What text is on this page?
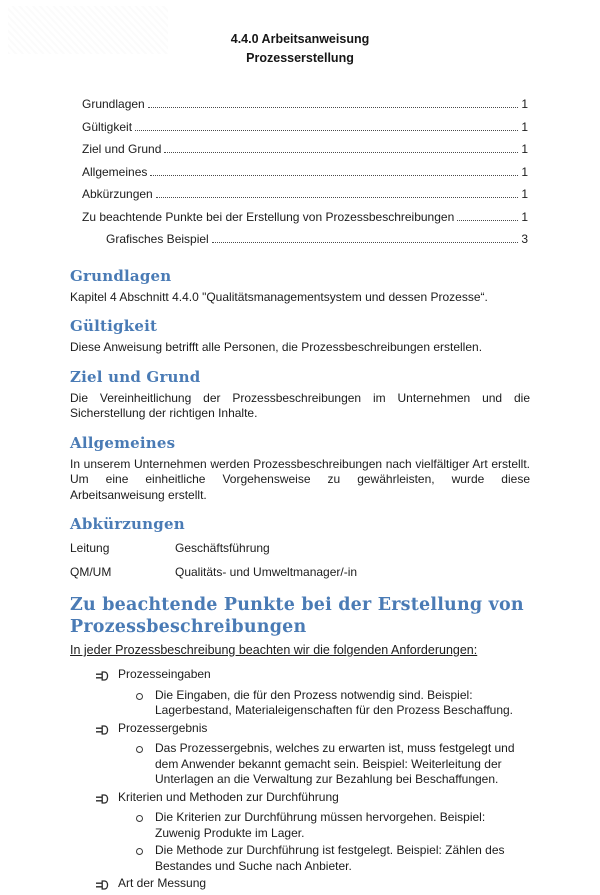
4.4.0 Arbeitsanweisung
Prozesserstellung
Grundlagen	1
Gültigkeit	1
Ziel und Grund	1
Allgemeines	1
Abkürzungen	1
Zu beachtende Punkte bei der Erstellung von Prozessbeschreibungen	1
Grafisches Beispiel	3
Grundlagen

Kapitel 4 Abschnitt 4.4.0 "Qualitätsmanagementsystem und dessen Prozesse“.

Gültigkeit

Diese Anweisung betrifft alle Personen, die Prozessbeschreibungen erstellen.

Ziel und Grund

Die Vereinheitlichung der Prozessbeschreibungen im Unternehmen und die Sicherstellung der richtigen Inhalte.

Allgemeines

In unserem Unternehmen werden Prozessbeschreibungen nach vielfältiger Art erstellt. Um eine einheitliche Vorgehensweise zu gewährleisten, wurde diese Arbeitsanweisung erstellt.

Abkürzungen
Leitung	Geschäftsführung
QM/UM	Qualitäts- und Umweltmanager/-in
Zu beachtende Punkte bei der Erstellung von Prozessbeschreibungen

In jeder Prozessbeschreibung beachten wir die folgenden Anforderungen:

Prozesseingaben
Die Eingaben, die für den Prozess notwendig sind. Beispiel: Lagerbestand, Materialeigenschaften für den Prozess Beschaffung.
Prozessergebnis
Das Prozessergebnis, welches zu erwarten ist, muss festgelegt und dem Anwender bekannt gemacht sein. Beispiel: Weiterleitung der Unterlagen an die Verwaltung zur Bezahlung bei Beschaffungen.
Kriterien und Methoden zur Durchführung
Die Kriterien zur Durchführung müssen hervorgehen. Beispiel: Zuwenig Produkte im Lager.
Die Methode zur Durchführung ist festgelegt. Beispiel: Zählen des Bestandes und Suche nach Anbieter.
Art der Messung
